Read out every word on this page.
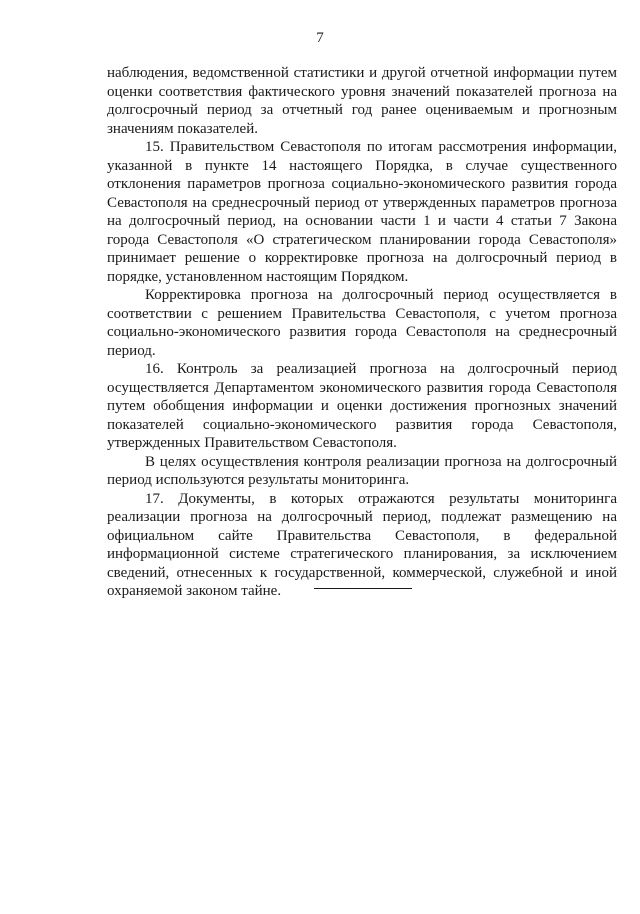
7

наблюдения, ведомственной статистики и другой отчетной информации путем оценки соответствия фактического уровня значений показателей прогноза на долгосрочный период за отчетный год ранее оцениваемым и прогнозным значениям показателей.

15. Правительством Севастополя по итогам рассмотрения информации, указанной в пункте 14 настоящего Порядка, в случае существенного отклонения параметров прогноза социально-экономического развития города Севастополя на среднесрочный период от утвержденных параметров прогноза на долгосрочный период, на основании части 1 и части 4 статьи 7 Закона города Севастополя «О стратегическом планировании города Севастополя» принимает решение о корректировке прогноза на долгосрочный период в порядке, установленном настоящим Порядком.

Корректировка прогноза на долгосрочный период осуществляется в соответствии с решением Правительства Севастополя, с учетом прогноза социально-экономического развития города Севастополя на среднесрочный период.

16. Контроль за реализацией прогноза на долгосрочный период осуществляется Департаментом экономического развития города Севастополя путем обобщения информации и оценки достижения прогнозных значений показателей социально-экономического развития города Севастополя, утвержденных Правительством Севастополя.

В целях осуществления контроля реализации прогноза на долгосрочный период используются результаты мониторинга.

17. Документы, в которых отражаются результаты мониторинга реализации прогноза на долгосрочный период, подлежат размещению на официальном сайте Правительства Севастополя, в федеральной информационной системе стратегического планирования, за исключением сведений, отнесенных к государственной, коммерческой, служебной и иной охраняемой законом тайне.
